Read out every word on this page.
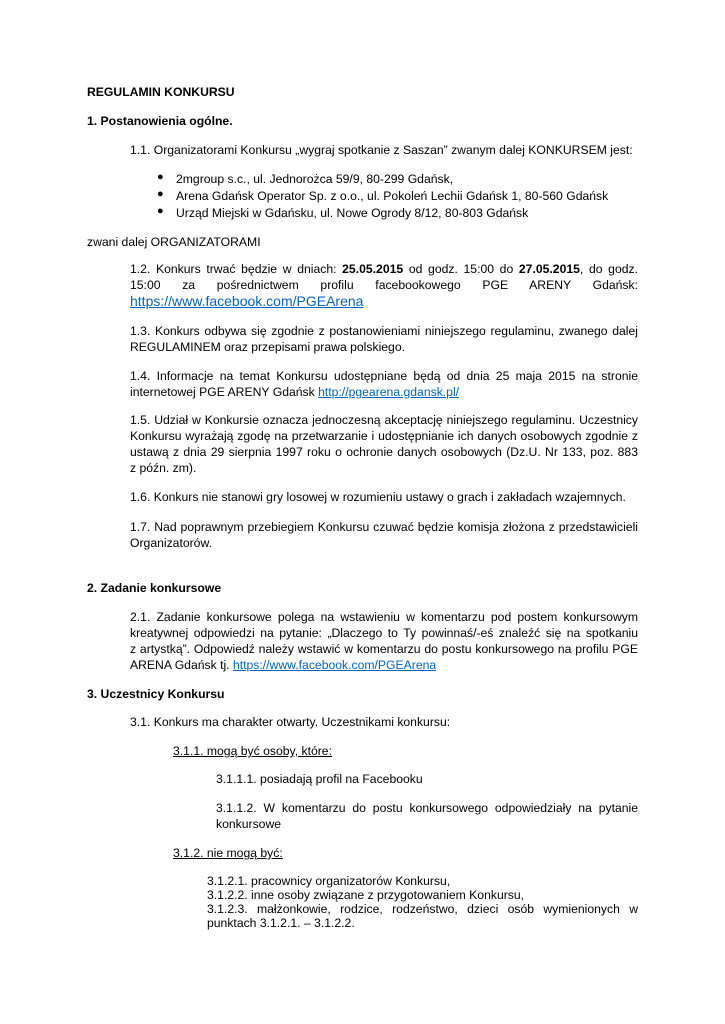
REGULAMIN KONKURSU
1. Postanowienia ogólne.
1.1. Organizatorami Konkursu „wygraj spotkanie z Saszan” zwanym dalej KONKURSEM jest:
● 2mgroup s.c., ul. Jednorożca 59/9, 80-299 Gdańsk,
● Arena Gdańsk Operator Sp. z o.o., ul. Pokoleń Lechii Gdańsk 1, 80-560 Gdańsk
● Urząd Miejski w Gdańsku, ul. Nowe Ogrody 8/12, 80-803 Gdańsk
zwani dalej ORGANIZATORAMI
1.2. Konkurs trwać będzie w dniach: 25.05.2015 od godz. 15:00 do 27.05.2015, do godz.
15:00 za pośrednictwem profilu facebookowego PGE ARENY Gdańsk:
https://www.facebook.com/PGEArena
1.3. Konkurs odbywa się zgodnie z postanowieniami niniejszego regulaminu, zwanego dalej
REGULAMINEM oraz przepisami prawa polskiego.
1.4. Informacje na temat Konkursu udostępniane będą od dnia 25 maja 2015 na stronie
internetowej PGE ARENY Gdańsk http://pgearena.gdansk.pl/
1.5. Udział w Konkursie oznacza jednoczesną akceptację niniejszego regulaminu. Uczestnicy
Konkursu wyrażają zgodę na przetwarzanie i udostępnianie ich danych osobowych zgodnie z
ustawą z dnia 29 sierpnia 1997 roku o ochronie danych osobowych (Dz.U. Nr 133, poz. 883
z późn. zm).
1.6. Konkurs nie stanowi gry losowej w rozumieniu ustawy o grach i zakładach wzajemnych.
1.7. Nad poprawnym przebiegiem Konkursu czuwać będzie komisja złożona z przedstawicieli
Organizatorów.
2. Zadanie konkursowe
2.1. Zadanie konkursowe polega na wstawieniu w komentarzu pod postem konkursowym
kreatywnej odpowiedzi na pytanie: „Dlaczego to Ty powinnaś/-eś znaleźć się na spotkaniu
z artystką”. Odpowiedź należy wstawić w komentarzu do postu konkursowego na profilu PGE
ARENA Gdańsk tj. https://www.facebook.com/PGEArena
3. Uczestnicy Konkursu
3.1. Konkurs ma charakter otwarty. Uczestnikami konkursu:
3.1.1. mogą być osoby, które:
3.1.1.1. posiadają profil na Facebooku
3.1.1.2. W komentarzu do postu konkursowego odpowiedziały na pytanie
konkursowe
3.1.2. nie mogą być:
3.1.2.1. pracownicy organizatorów Konkursu,
3.1.2.2. inne osoby związane z przygotowaniem Konkursu,
3.1.2.3. małżonkowie, rodzice, rodzeństwo, dzieci osób wymienionych w
punktach 3.1.2.1. – 3.1.2.2.
